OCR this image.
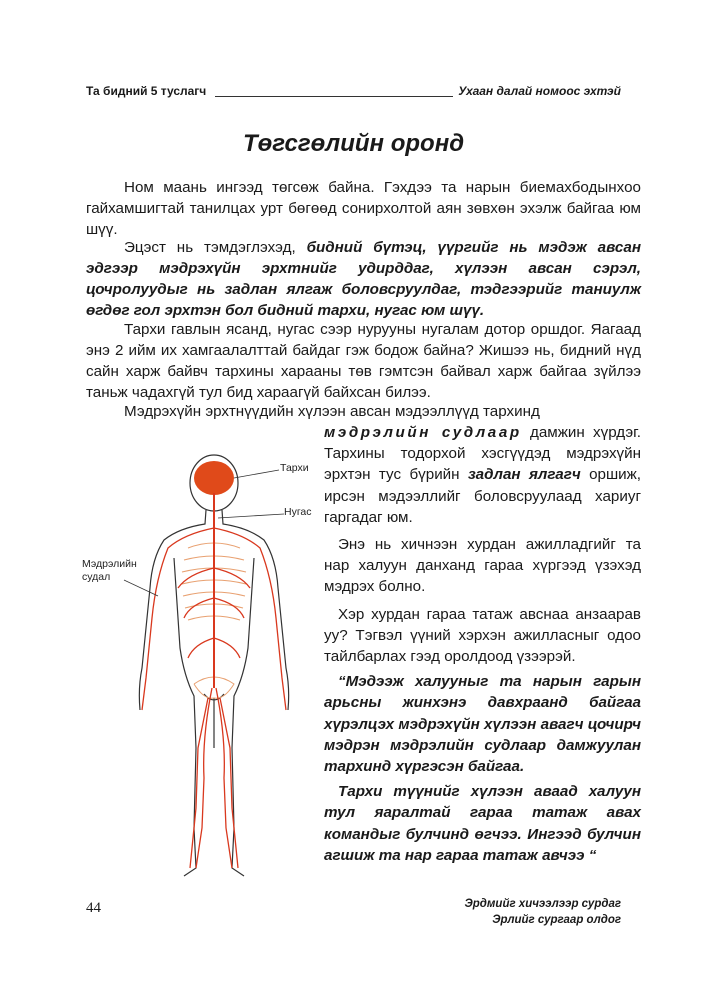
Та бидний 5 туслагч	Ухаан далай номоос эхтэй
Төгсгөлийн оронд

Ном маань ингээд төгсөж байна. Гэхдээ та нарын биемахбодынхоо гайхамшигтай танилцах урт бөгөөд сонирхолтой аян зөвхөн эхэлж байгаа юм шүү.

Эцэст нь тэмдэглэхэд, бидний бүтэц, үүргийг нь мэдэж авсан эдгээр мэдрэхүйн эрхтнийг удирддаг, хүлээн авсан сэрэл, цочролуудыг нь задлан ялгаж боловсруулдаг, тэдгээрийг таниулж өгдөг гол эрхтэн бол бидний тархи, нугас юм шүү.

Тархи гавлын ясанд, нугас сээр нурууны нугалам дотор оршдог. Яагаад энэ 2 ийм их хамгаалалттай байдаг гэж бодож байна? Жишээ нь, бидний нүд сайн харж байвч тархины харааны төв гэмтсэн байвал харж байгаа зүйлээ таньж чадахгүй тул бид хараагүй байхсан билээ.

Мэдрэхүйн эрхтнүүдийн хүлээн авсан мэдээллүүд тархинд

мэдрэлийн судлаар дамжин хүрдэг. Тархины тодорхой хэсгүүдэд мэдрэхүйн эрхтэн тус бүрийн задлан ялгагч оршиж, ирсэн мэдээллийг боловсруулаад хариуг гаргадаг юм.

Энэ нь хичнээн хурдан ажилладгийг та нар халуун данханд гараа хүргээд үзэхэд мэдрэх болно.

Хэр хурдан гараа татаж авснаа анзаарав уу? Тэгвэл үүний хэрхэн ажилласныг одоо тайлбарлах гээд оролдоод үзээрэй.

“Мэдээж халууныг та нарын гарын арьсны жинхэнэ давхраанд байгаа хүрэлцэх мэдрэхүйн хүлээн авагч цочирч мэдрэн мэдрэлийн судлаар дамжуулан тархинд хүргэсэн байгаа.

Тархи түүнийг хүлээн аваад халуун тул яаралтай гараа татаж авах командыг булчинд өгчээ. Ингээд булчин агшиж та нар гараа татаж авчээ “

Тархи
Нугас
Мэдрэлийн судал
44	Эрдмийг хичээлээр сурдаг
Эрлийг сургаар олдог
